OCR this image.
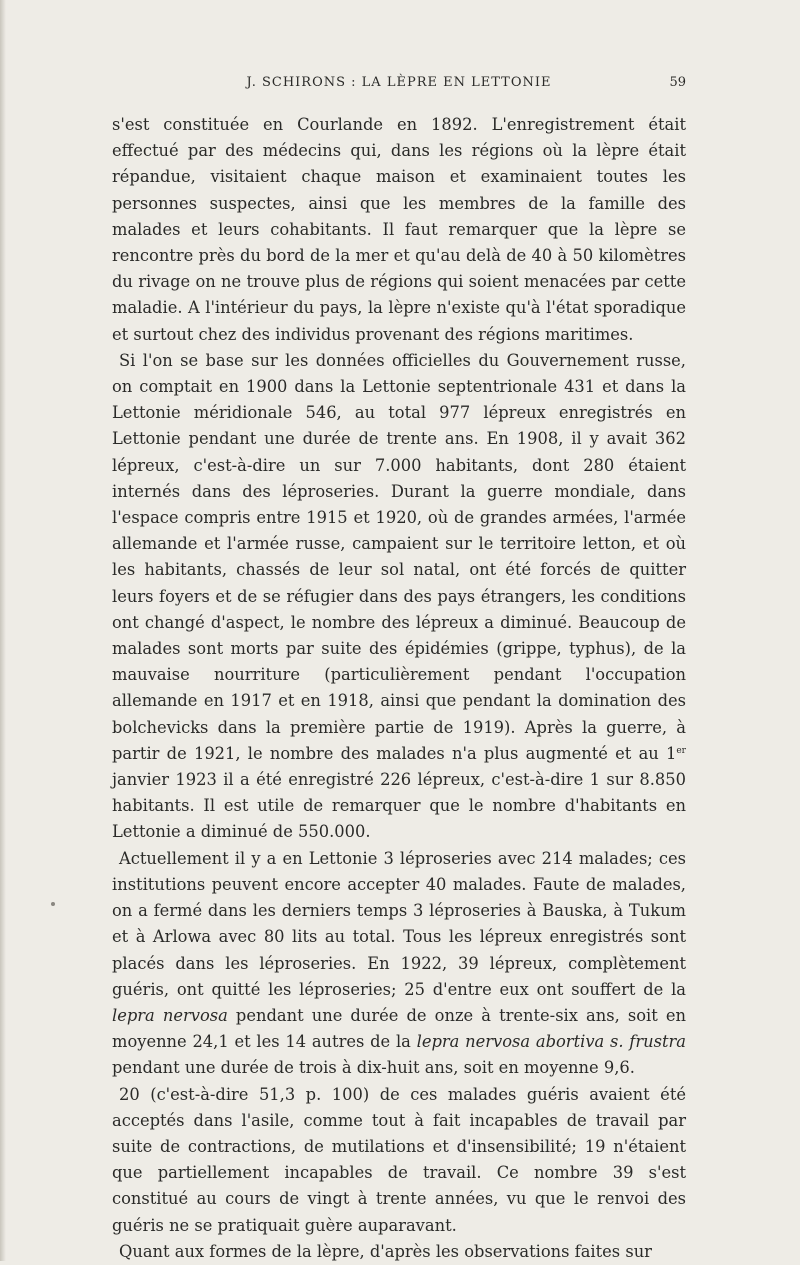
J. SCHIRONS : LA LÈPRE EN LETTONIE	59

s'est constituée en Courlande en 1892. L'enregistrement était effectué par des médecins qui, dans les régions où la lèpre était répandue, visitaient chaque maison et examinaient toutes les personnes suspectes, ainsi que les membres de la famille des malades et leurs cohabitants. Il faut remarquer que la lèpre se rencontre près du bord de la mer et qu'au delà de 40 à 50 kilomètres du rivage on ne trouve plus de régions qui soient menacées par cette maladie. A l'intérieur du pays, la lèpre n'existe qu'à l'état sporadique et surtout chez des individus provenant des régions maritimes.

Si l'on se base sur les données officielles du Gouvernement russe, on comptait en 1900 dans la Lettonie septentrionale 431 et dans la Lettonie méridionale 546, au total 977 lépreux enregistrés en Lettonie pendant une durée de trente ans. En 1908, il y avait 362 lépreux, c'est-à-dire un sur 7.000 habitants, dont 280 étaient internés dans des léproseries. Durant la guerre mondiale, dans l'espace compris entre 1915 et 1920, où de grandes armées, l'armée allemande et l'armée russe, campaient sur le territoire letton, et où les habitants, chassés de leur sol natal, ont été forcés de quitter leurs foyers et de se réfugier dans des pays étrangers, les conditions ont changé d'aspect, le nombre des lépreux a diminué. Beaucoup de malades sont morts par suite des épidémies (grippe, typhus), de la mauvaise nourriture (particulièrement pendant l'occupation allemande en 1917 et en 1918, ainsi que pendant la domination des bolchevicks dans la première partie de 1919). Après la guerre, à partir de 1921, le nombre des malades n'a plus augmenté et au 1er janvier 1923 il a été enregistré 226 lépreux, c'est-à-dire 1 sur 8.850 habitants. Il est utile de remarquer que le nombre d'habitants en Lettonie a diminué de 550.000.

Actuellement il y a en Lettonie 3 léproseries avec 214 malades; ces institutions peuvent encore accepter 40 malades. Faute de malades, on a fermé dans les derniers temps 3 léproseries à Bauska, à Tukum et à Arlowa avec 80 lits au total. Tous les lépreux enregistrés sont placés dans les léproseries. En 1922, 39 lépreux, complètement guéris, ont quitté les léproseries; 25 d'entre eux ont souffert de la lepra nervosa pendant une durée de onze à trente-six ans, soit en moyenne 24,1 et les 14 autres de la lepra nervosa abortiva s. frustra pendant une durée de trois à dix-huit ans, soit en moyenne 9,6.

20 (c'est-à-dire 51,3 p. 100) de ces malades guéris avaient été acceptés dans l'asile, comme tout à fait incapables de travail par suite de contractions, de mutilations et d'insensibilité; 19 n'étaient que partiellement incapables de travail. Ce nombre 39 s'est constitué au cours de vingt à trente années, vu que le renvoi des guéris ne se pratiquait guère auparavant.

Quant aux formes de la lèpre, d'après les observations faites sur
